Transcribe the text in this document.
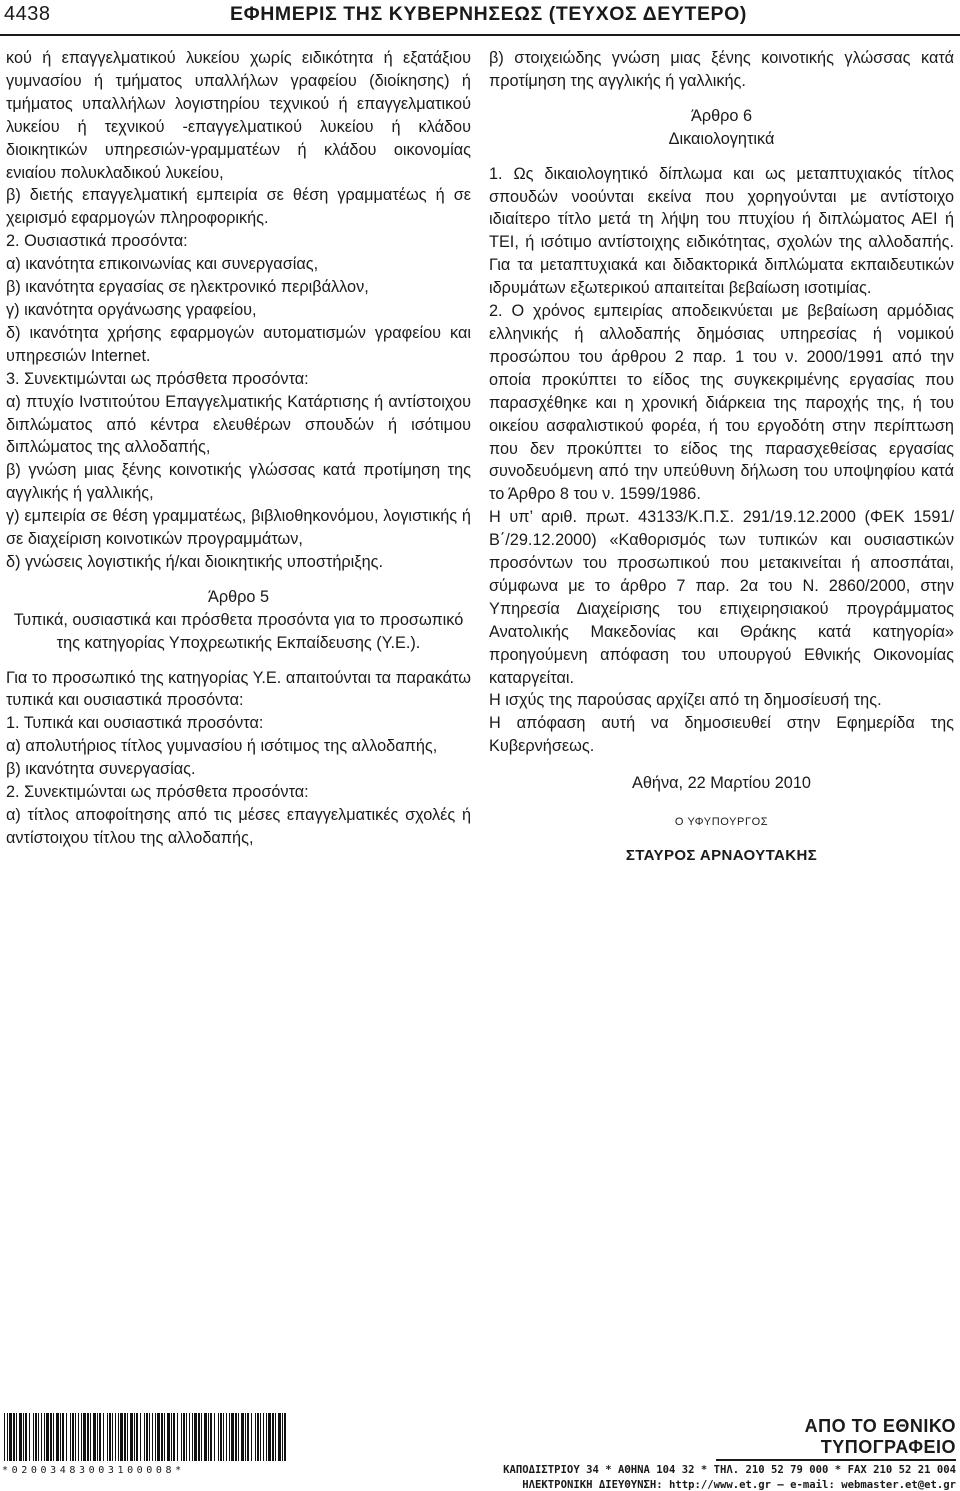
4438	ΕΦΗΜΕΡΙΣ ΤΗΣ ΚΥΒΕΡΝΗΣΕΩΣ (ΤΕΥΧΟΣ ΔΕΥΤΕΡΟ)

κού ή επαγγελματικού λυκείου χωρίς ειδικότητα ή εξατάξιου γυμνασίου ή τμήματος υπαλλήλων γραφείου (διοίκησης) ή τμήματος υπαλλήλων λογιστηρίου τεχνικού ή επαγγελματικού λυκείου ή τεχνικού -επαγγελματικού λυκείου ή κλάδου διοικητικών υπηρεσιών-γραμματέων ή κλάδου οικονομίας ενιαίου πολυκλαδικού λυκείου,

β) διετής επαγγελματική εμπειρία σε θέση γραμματέως ή σε χειρισμό εφαρμογών πληροφορικής.

2. Ουσιαστικά προσόντα:

α) ικανότητα επικοινωνίας και συνεργασίας,

β) ικανότητα εργασίας σε ηλεκτρονικό περιβάλλον,

γ) ικανότητα οργάνωσης γραφείου,

δ) ικανότητα χρήσης εφαρμογών αυτοματισμών γραφείου και υπηρεσιών Internet.

3. Συνεκτιμώνται ως πρόσθετα προσόντα:

α) πτυχίο Ινστιτούτου Επαγγελματικής Κατάρτισης ή αντίστοιχου διπλώματος από κέντρα ελευθέρων σπουδών ή ισότιμου διπλώματος της αλλοδαπής,

β) γνώση μιας ξένης κοινοτικής γλώσσας κατά προτίμηση της αγγλικής ή γαλλικής,

γ) εμπειρία σε θέση γραμματέως, βιβλιοθηκονόμου, λογιστικής ή σε διαχείριση κοινοτικών προγραμμάτων,

δ) γνώσεις λογιστικής ή/και διοικητικής υποστήριξης.

Άρθρο 5

Τυπικά, ουσιαστικά και πρόσθετα προσόντα για το προσωπικό της κατηγορίας Υποχρεωτικής Εκπαίδευσης (Υ.Ε.).

Για το προσωπικό της κατηγορίας Υ.Ε. απαιτούνται τα παρακάτω τυπικά και ουσιαστικά προσόντα:

1. Τυπικά και ουσιαστικά προσόντα:

α) απολυτήριος τίτλος γυμνασίου ή ισότιμος της αλλοδαπής,

β) ικανότητα συνεργασίας.

2. Συνεκτιμώνται ως πρόσθετα προσόντα:

α) τίτλος αποφοίτησης από τις μέσες επαγγελματικές σχολές ή αντίστοιχου τίτλου της αλλοδαπής,

β) στοιχειώδης γνώση μιας ξένης κοινοτικής γλώσσας κατά προτίμηση της αγγλικής ή γαλλικής.

Άρθρο 6

Δικαιολογητικά

1. Ως δικαιολογητικό δίπλωμα και ως μεταπτυχιακός τίτλος σπουδών νοούνται εκείνα που χορηγούνται με αντίστοιχο ιδιαίτερο τίτλο μετά τη λήψη του πτυχίου ή διπλώματος ΑΕΙ ή ΤΕΙ, ή ισότιμο αντίστοιχης ειδικότητας, σχολών της αλλοδαπής. Για τα μεταπτυχιακά και διδακτορικά διπλώματα εκπαιδευτικών ιδρυμάτων εξωτερικού απαιτείται βεβαίωση ισοτιμίας.

2. Ο χρόνος εμπειρίας αποδεικνύεται με βεβαίωση αρμόδιας ελληνικής ή αλλοδαπής δημόσιας υπηρεσίας ή νομικού προσώπου του άρθρου 2 παρ. 1 του ν. 2000/1991 από την οποία προκύπτει το είδος της συγκεκριμένης εργασίας που παρασχέθηκε και η χρονική διάρκεια της παροχής της, ή του οικείου ασφαλιστικού φορέα, ή του εργοδότη στην περίπτωση που δεν προκύπτει το είδος της παρασχεθείσας εργασίας συνοδευόμενη από την υπεύθυνη δήλωση του υποψηφίου κατά το Άρθρο 8 του ν. 1599/1986.

Η υπ’ αριθ. πρωτ. 43133/Κ.Π.Σ. 291/19.12.2000 (ΦΕΚ 1591/Β΄/29.12.2000) «Καθορισμός των τυπικών και ουσιαστικών προσόντων του προσωπικού που μετακινείται ή αποσπάται, σύμφωνα με το άρθρο 7 παρ. 2α του Ν. 2860/2000, στην Υπηρεσία Διαχείρισης του επιχειρησιακού προγράμματος Ανατολικής Μακεδονίας και Θράκης κατά κατηγορία» προηγούμενη απόφαση του υπουργού Εθνικής Οικονομίας καταργείται.

Η ισχύς της παρούσας αρχίζει από τη δημοσίευσή της.

Η απόφαση αυτή να δημοσιευθεί στην Εφημερίδα της Κυβερνήσεως.

Αθήνα, 22 Μαρτίου 2010

Ο ΥΦΥΠΟΥΡΓΟΣ

ΣΤΑΥΡΟΣ ΑΡΝΑΟΥΤΑΚΗΣ

*02003483003100008*
ΑΠΟ ΤΟ ΕΘΝΙΚΟ ΤΥΠΟΓΡΑΦΕΙΟ
ΚΑΠΟΔΙΣΤΡΙΟΥ 34 * ΑΘΗΝΑ 104 32 * ΤΗΛ. 210 52 79 000 * FAX 210 52 21 004
ΗΛΕΚΤΡΟΝΙΚΗ ΔΙΕΥΘΥΝΣΗ: http://www.et.gr — e-mail: webmaster.et@et.gr
